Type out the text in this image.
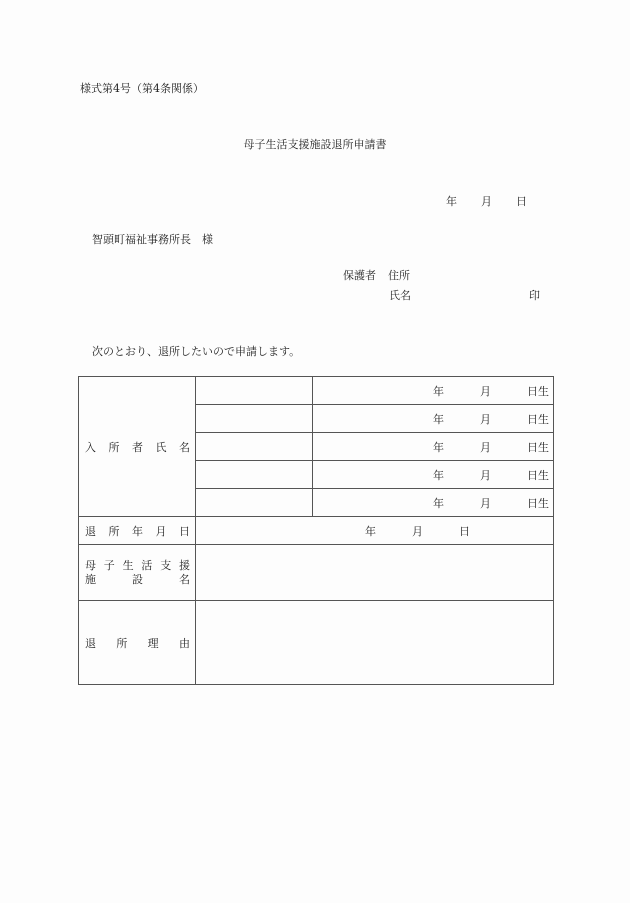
様式第4号（第4条関係）
母子生活支援施設退所申請書
年 月 日
智頭町福祉事務所長　様
保護者 住所
氏名	印
次のとおり、退所したいので申請します。
入 所 者 氏 名		年 月 日生
		年 月 日生
		年 月 日生
		年 月 日生
		年 月 日生

退 所 年 月 日	年 月 日	

母 子 生 活 支 援
施	設	名

退 所 理 由		
